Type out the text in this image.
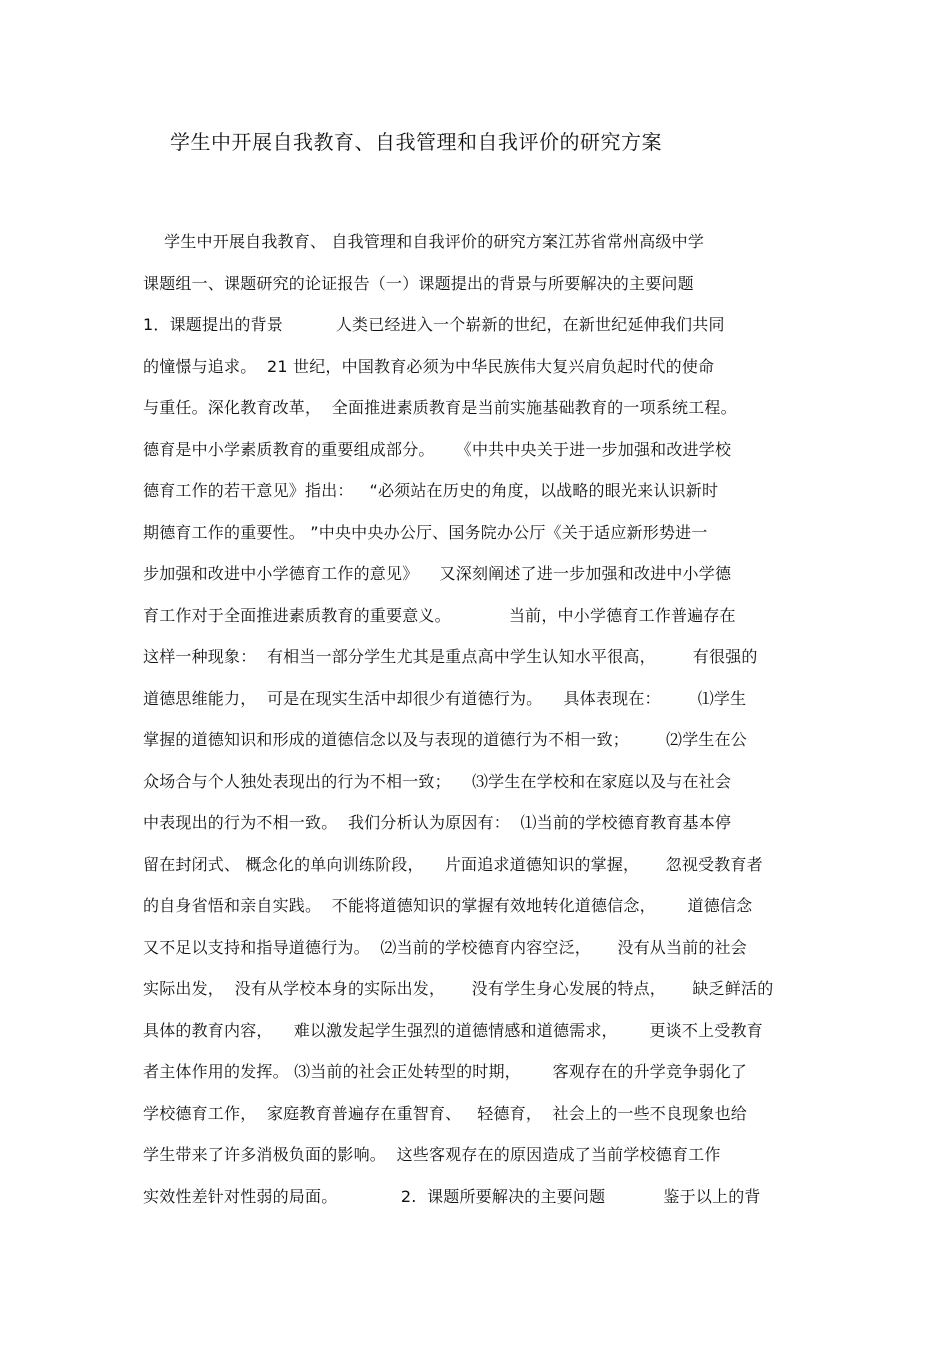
学生中开展自我教育、自我管理和自我评价的研究方案
学生中开展自我教育、 自我管理和自我评价的研究方案江苏省常州高级中学
课题组一、课题研究的论证报告（一）课题提出的背景与所要解决的主要问题
1．课题提出的背景          人类已经进入一个崭新的世纪，在新世纪延伸我们共同
的憧憬与追求。  21 世纪，中国教育必须为中华民族伟大复兴肩负起时代的使命
与重任。深化教育改革，  全面推进素质教育是当前实施基础教育的一项系统工程。
德育是中小学素质教育的重要组成部分。    《中共中央关于进一步加强和改进学校
德育工作的若干意见》指出：   “必须站在历史的角度，以战略的眼光来认识新时
期德育工作的重要性。 ”中央中央办公厅、国务院办公厅《关于适应新形势进一
步加强和改进中小学德育工作的意见》    又深刻阐述了进一步加强和改进中小学德
育工作对于全面推进素质教育的重要意义。           当前，中小学德育工作普遍存在
这样一种现象：  有相当一部分学生尤其是重点高中学生认知水平很高，       有很强的
道德思维能力，  可是在现实生活中却很少有道德行为。    具体表现在：       ⑴学生
掌握的道德知识和形成的道德信念以及与表现的道德行为不相一致；       ⑵学生在公
众场合与个人独处表现出的行为不相一致；    ⑶学生在学校和在家庭以及与在社会
中表现出的行为不相一致。  我们分析认为原因有：  ⑴当前的学校德育教育基本停
留在封闭式、 概念化的单向训练阶段，    片面追求道德知识的掌握，     忽视受教育者
的自身省悟和亲自实践。  不能将道德知识的掌握有效地转化道德信念，      道德信念
又不足以支持和指导道德行为。  ⑵当前的学校德育内容空泛，     没有从当前的社会
实际出发，  没有从学校本身的实际出发，     没有学生身心发展的特点，     缺乏鲜活的
具体的教育内容，    难以激发起学生强烈的道德情感和道德需求，      更谈不上受教育
者主体作用的发挥。 ⑶当前的社会正处转型的时期，      客观存在的升学竞争弱化了
学校德育工作，  家庭教育普遍存在重智育、   轻德育，  社会上的一些不良现象也给
学生带来了许多消极负面的影响。  这些客观存在的原因造成了当前学校德育工作
实效性差针对性弱的局面。            2.  课题所要解决的主要问题           鉴于以上的背
